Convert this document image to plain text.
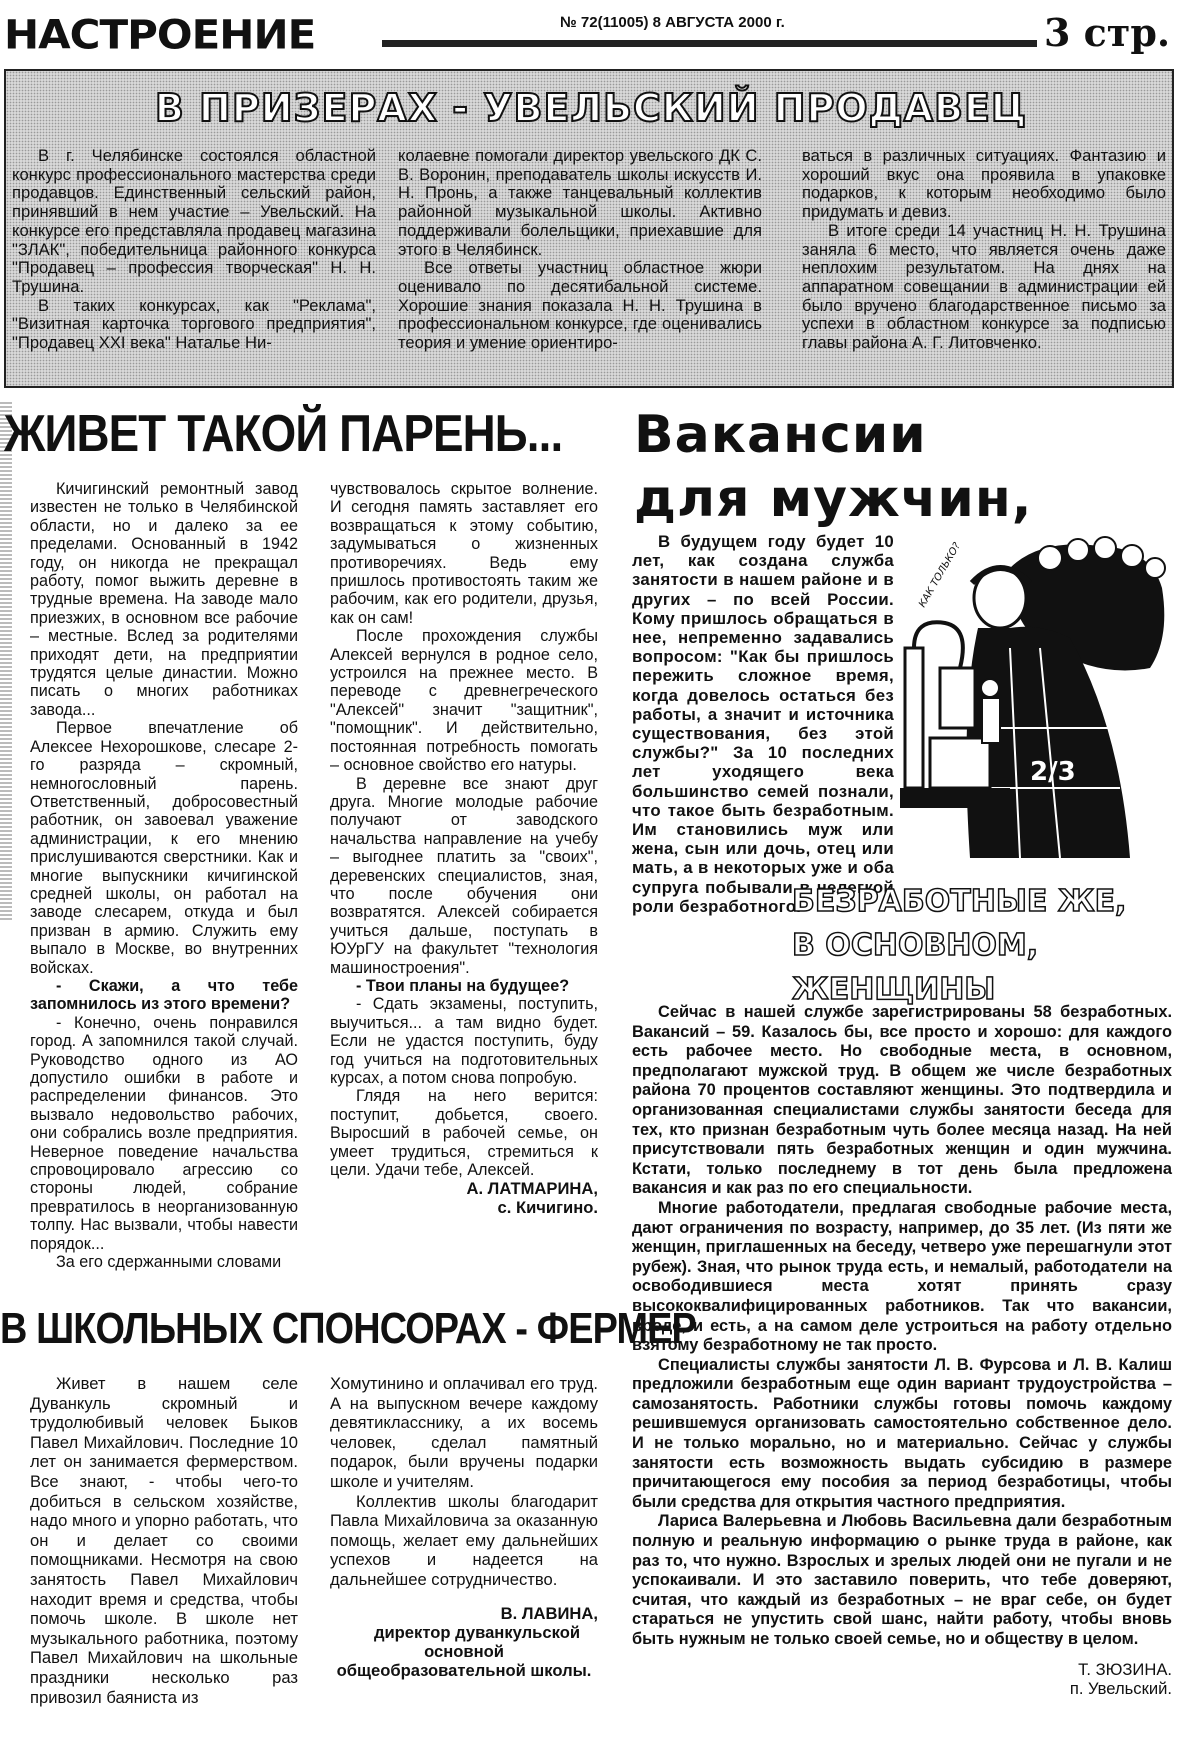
НАСТРОЕНИЕ	№ 72(11005) 8 АВГУСТА 2000 г.	3 стр.
В ПРИЗЕРАХ - УВЕЛЬСКИЙ ПРОДАВЕЦ

В г. Челябинске состоялся областной конкурс профессионального мастерства среди продавцов. Единственный сельский район, принявший в нем участие – Увельский. На конкурсе его представляла продавец магазина "ЗЛАК", победительница районного конкурса "Продавец – профессия творческая" Н. Н. Трушина.

В таких конкурсах, как "Реклама", "Визитная карточка торгового предприятия", "Продавец XXI века" Наталье Ни-

колаевне помогали директор увельского ДК С. В. Воронин, преподаватель школы искусств И. Н. Пронь, а также танцевальный коллектив районной музыкальной школы. Активно поддерживали болельщики, приехавшие для этого в Челябинск.

Все ответы участниц областное жюри оценивало по десятибальной системе. Хорошие знания показала Н. Н. Трушина в профессиональном конкурсе, где оценивались теория и умение ориентиро-

ваться в различных ситуациях. Фантазию и хороший вкус она проявила в упаковке подарков, к которым необходимо было придумать и девиз.

В итоге среди 14 участниц Н. Н. Трушина заняла 6 место, что является очень даже неплохим результатом. На днях на аппаратном совещании в администрации ей было вручено благодарственное письмо за успехи в областном конкурсе за подписью главы района А. Г. Литовченко.

ЖИВЕТ ТАКОЙ ПАРЕНЬ...

Кичигинский ремонтный завод известен не только в Челябинской области, но и далеко за ее пределами. Основанный в 1942 году, он никогда не прекращал работу, помог выжить деревне в трудные времена. На заводе мало приезжих, в основном все рабочие – местные. Вслед за родителями приходят дети, на предприятии трудятся целые династии. Можно писать о многих работниках завода...

Первое впечатление об Алексее Нехорошкове, слесаре 2-го разряда – скромный, немногословный парень. Ответственный, добросовестный работник, он завоевал уважение администрации, к его мнению прислушиваются сверстники. Как и многие выпускники кичигинской средней школы, он работал на заводе слесарем, откуда и был призван в армию. Служить ему выпало в Москве, во внутренних войсках.

- Скажи, а что тебе запомнилось из этого времени?

- Конечно, очень понравился город. А запомнился такой случай. Руководство одного из АО допустило ошибки в работе и распределении финансов. Это вызвало недовольство рабочих, они собрались возле предприятия. Неверное поведение начальства спровоцировало агрессию со стороны людей, собрание превратилось в неорганизованную толпу. Нас вызвали, чтобы навести порядок...

За его сдержанными словами

чувствовалось скрытое волнение. И сегодня память заставляет его возвращаться к этому событию, задумываться о жизненных противоречиях. Ведь ему пришлось противостоять таким же рабочим, как его родители, друзья, как он сам!

После прохождения службы Алексей вернулся в родное село, устроился на прежнее место. В переводе с древнегреческого "Алексей" значит "защитник", "помощник". И действительно, постоянная потребность помогать – основное свойство его натуры.

В деревне все знают друг друга. Многие молодые рабочие получают от заводского начальства направление на учебу – выгоднее платить за "своих", деревенских специалистов, зная, что после обучения они возвратятся. Алексей собирается учиться дальше, поступать в ЮУрГУ на факультет "технология машиностроения".

- Твои планы на будущее?

- Сдать экзамены, поступить, выучиться... а там видно будет. Если не удастся поступить, буду год учиться на подготовительных курсах, а потом снова попробую.

Глядя на него верится: поступит, добьется, своего. Выросший в рабочей семье, он умеет трудиться, стремиться к цели. Удачи тебе, Алексей.

А. ЛАТМАРИНА,

с. Кичигино.

В ШКОЛЬНЫХ СПОНСОРАХ - ФЕРМЕР

Живет в нашем селе Дуванкуль скромный и трудолюбивый человек Быков Павел Михайлович. Последние 10 лет он занимается фермерством. Все знают, - чтобы чего-то добиться в сельском хозяйстве, надо много и упорно работать, что он и делает со своими помощниками. Несмотря на свою занятость Павел Михайлович находит время и средства, чтобы помочь школе. В школе нет музыкального работника, поэтому Павел Михайлович на школьные праздники несколько раз привозил баяниста из

Хомутинино и оплачивал его труд. А на выпускном вечере каждому девятикласснику, а их восемь человек, сделал памятный подарок, были вручены подарки школе и учителям.

Коллектив школы благодарит Павла Михайловича за оказанную помощь, желает ему дальнейших успехов и надеется на дальнейшее сотрудничество.

В. ЛАВИНА,

директор дуванкульской основной общеобразовательной школы.

Вакансии
для мужчин,
2/3
КАК ТОЛЬКО?

В будущем году будет 10 лет, как создана служба занятости в нашем районе и в других – по всей России. Кому пришлось обращаться в нее, непременно задавались вопросом: "Как бы пришлось пережить сложное время, когда довелось остаться без работы, а значит и источника существования, без этой службы?" За 10 последних лет уходящего века большинство семей познали, что такое быть безработным. Им становились муж или жена, сын или дочь, отец или мать, а в некоторых уже и оба супруга побывали в нелегкой роли безработного.

БЕЗРАБОТНЫЕ ЖЕ,
В ОСНОВНОМ, ЖЕНЩИНЫ

Сейчас в нашей службе зарегистрированы 58 безработных. Вакансий – 59. Казалось бы, все просто и хорошо: для каждого есть рабочее место. Но свободные места, в основном, предполагают мужской труд. В общем же числе безработных района 70 процентов составляют женщины. Это подтвердила и организованная специалистами службы занятости беседа для тех, кто признан безработным чуть более месяца назад. На ней присутствовали пять безработных женщин и один мужчина. Кстати, только последнему в тот день была предложена вакансия и как раз по его специальности.

Многие работодатели, предлагая свободные рабочие места, дают ограничения по возрасту, например, до 35 лет. (Из пяти же женщин, приглашенных на беседу, четверо уже перешагнули этот рубеж). Зная, что рынок труда есть, и немалый, работодатели на освободившиеся места хотят принять сразу высококвалифицированных работников. Так что вакансии, вроде, и есть, а на самом деле устроиться на работу отдельно взятому безработному не так просто.

Специалисты службы занятости Л. В. Фурсова и Л. В. Калиш предложили безработным еще один вариант трудоустройства – самозанятость. Работники службы готовы помочь каждому решившемуся организовать самостоятельно собственное дело. И не только морально, но и материально. Сейчас у службы занятости есть возможность выдать субсидию в размере причитающегося ему пособия за период безработицы, чтобы были средства для открытия частного предприятия.

Лариса Валерьевна и Любовь Васильевна дали безработным полную и реальную информацию о рынке труда в районе, как раз то, что нужно. Взрослых и зрелых людей они не пугали и не успокаивали. И это заставило поверить, что тебе доверяют, считая, что каждый из безработных – не враг себе, он будет стараться не упустить свой шанс, найти работу, чтобы вновь быть нужным не только своей семье, но и обществу в целом.

Т. ЗЮЗИНА.

п. Увельский.
